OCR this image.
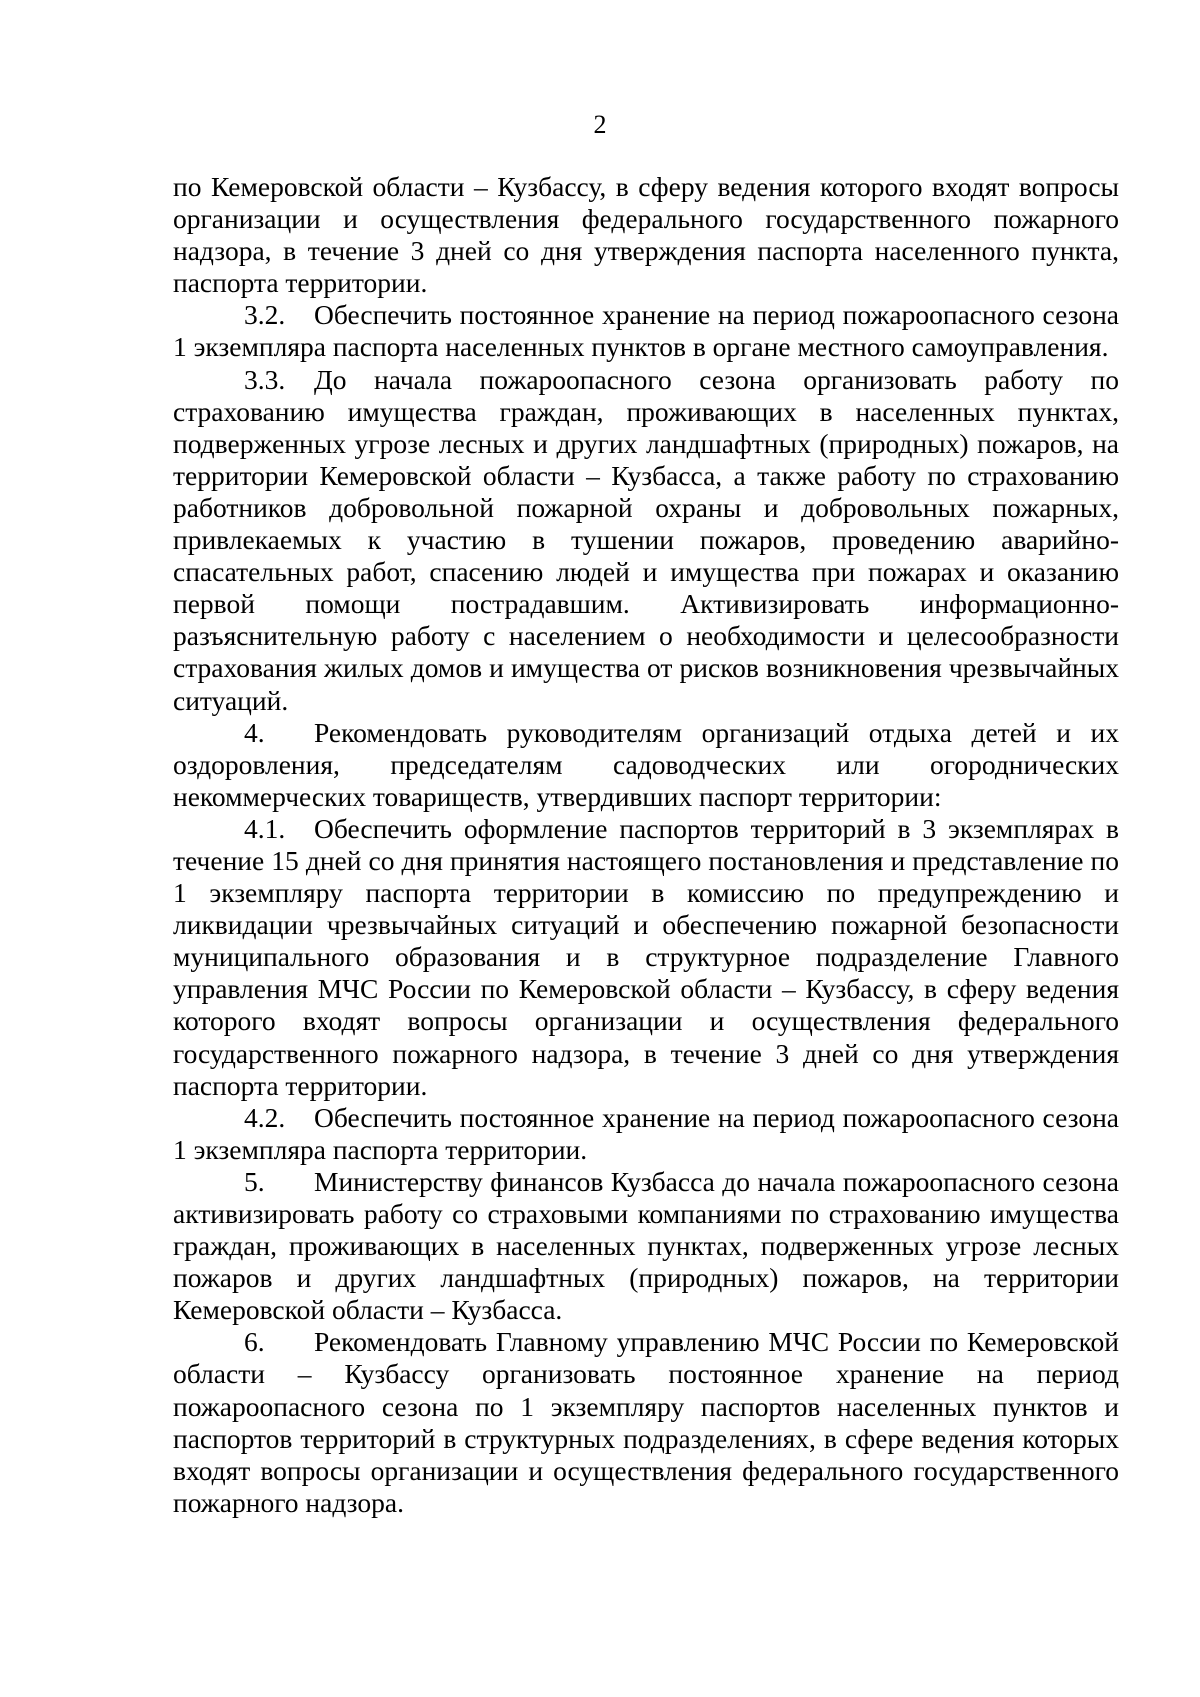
2

по Кемеровской области – Кузбассу, в сферу ведения которого входят вопросы организации и осуществления федерального государственного пожарного надзора, в течение 3 дней со дня утверждения паспорта населенного пункта, паспорта территории.

3.2. Обеспечить постоянное хранение на период пожароопасного сезона 1 экземпляра паспорта населенных пунктов в органе местного самоуправления.

3.3. До начала пожароопасного сезона организовать работу по страхованию имущества граждан, проживающих в населенных пунктах, подверженных угрозе лесных и других ландшафтных (природных) пожаров, на территории Кемеровской области – Кузбасса, а также работу по страхованию работников добровольной пожарной охраны и добровольных пожарных, привлекаемых к участию в тушении пожаров, проведению аварийно-спасательных работ, спасению людей и имущества при пожарах и оказанию первой помощи пострадавшим. Активизировать информационно-разъяснительную работу с населением о необходимости и целесообразности страхования жилых домов и имущества от рисков возникновения чрезвычайных ситуаций.

4. Рекомендовать руководителям организаций отдыха детей и их оздоровления, председателям садоводческих или огороднических некоммерческих товариществ, утвердивших паспорт территории:

4.1. Обеспечить оформление паспортов территорий в 3 экземплярах в течение 15 дней со дня принятия настоящего постановления и представление по 1 экземпляру паспорта территории в комиссию по предупреждению и ликвидации чрезвычайных ситуаций и обеспечению пожарной безопасности муниципального образования и в структурное подразделение Главного управления МЧС России по Кемеровской области – Кузбассу, в сферу ведения которого входят вопросы организации и осуществления федерального государственного пожарного надзора, в течение 3 дней со дня утверждения паспорта территории.

4.2. Обеспечить постоянное хранение на период пожароопасного сезона 1 экземпляра паспорта территории.

5. Министерству финансов Кузбасса до начала пожароопасного сезона активизировать работу со страховыми компаниями по страхованию имущества граждан, проживающих в населенных пунктах, подверженных угрозе лесных пожаров и других ландшафтных (природных) пожаров, на территории Кемеровской области – Кузбасса.

6. Рекомендовать Главному управлению МЧС России по Кемеровской области – Кузбассу организовать постоянное хранение на период пожароопасного сезона по 1 экземпляру паспортов населенных пунктов и паспортов территорий в структурных подразделениях, в сфере ведения которых входят вопросы организации и осуществления федерального государственного пожарного надзора.
